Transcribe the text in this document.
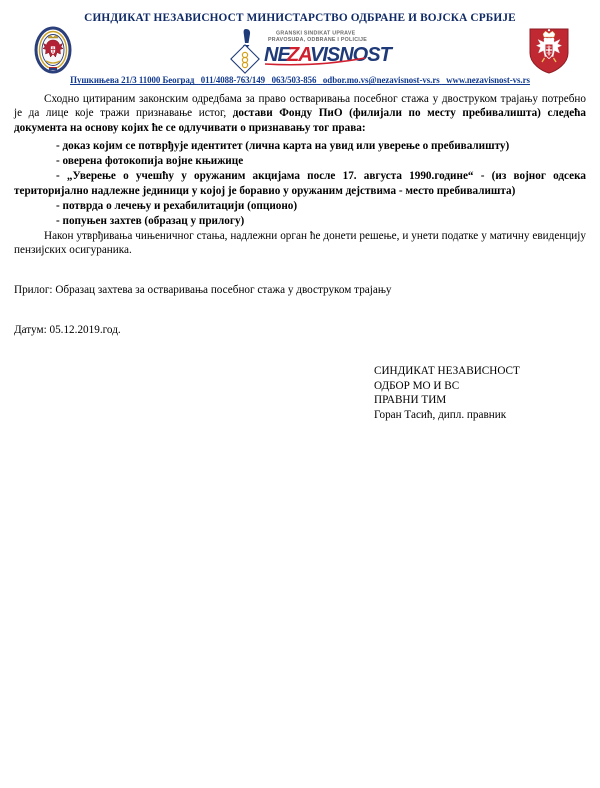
СИНДИКАТ НЕЗАВИСНОСТ МИНИСТАРСТВО ОДБРАНЕ И ВОЈСКА СРБИЈЕ
GRANSKI SINDIKAT UPRAVE
PRAVOSUĐA, ODBRANE I POLICIJE
NE
ZA
VISNOST
Пушкињева 21/3 11000 Београд 011/4088-763/149 063/503-856 odbor.mo.vs@nezavisnost-vs.rs www.nezavisnost-vs.rs

Сходно цитираним законским одредбама за право остваривања посебног стажа у двоструком трајању потребно је да лице које тражи признавање истог, достави Фонду ПиО (филијали по месту пребивалишта) следећа документа на основу којих ће се одлучивати о признавању тог права:

- доказ којим се потврђује идентитет (лична карта на увид или уверење о пребивалишту)
- оверена фотокопија војне књижице
- „Уверење о учешћу у оружаним акцијама после 17. августа 1990.године“ - (из војног одсека територијално надлежне јединици у којој је боравио у оружаним дејствима - место пребивалишта)
- потврда о лечењу и рехабилитацији (опционо)
- попуњен захтев (образац у прилогу)

Након утврђивања чињеничног стања, надлежни орган ће донети решење, и унети податке у матичну евиденцију пензијских осигураника.

Прилог: Образац захтева за остваривања посебног стажа у двоструком трајању
Датум: 05.12.2019.год.
СИНДИКАТ НЕЗАВИСНОСТ
ОДБОР МО И ВС
ПРАВНИ ТИМ
Горан Тасић, дипл. правник
